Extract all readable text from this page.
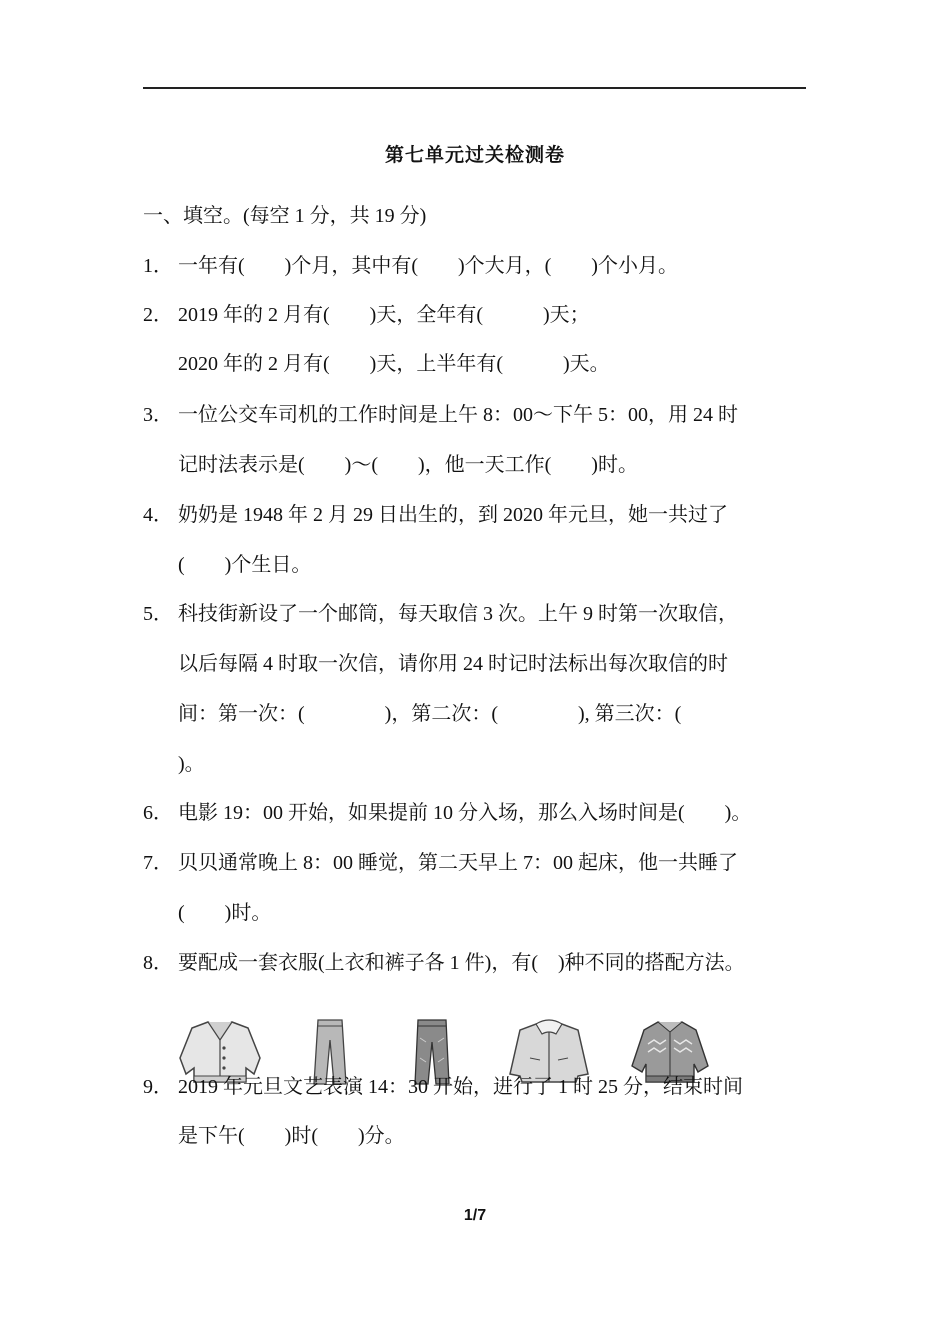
第七单元过关检测卷
一、填空。(每空 1 分，共 19 分)
1． 一年有(　　)个月，其中有(　　)个大月，(　　)个小月。
2． 2019 年的 2 月有(　　)天，全年有(　　　)天；
2020 年的 2 月有(　　)天，上半年有(　　　)天。
3． 一位公交车司机的工作时间是上午 8：00～下午 5：00，用 24 时
记时法表示是(　　)～(　　)，他一天工作(　　)时。
4． 奶奶是 1948 年 2 月 29 日出生的，到 2020 年元旦，她一共过了
(　　)个生日。
5． 科技街新设了一个邮筒，每天取信 3 次。上午 9 时第一次取信，
以后每隔 4 时取一次信，请你用 24 时记时法标出每次取信的时
间：第一次：(　　　　)，第二次：(　　　　), 第三次：(
)。
6． 电影 19：00 开始，如果提前 10 分入场，那么入场时间是(　　)。
7． 贝贝通常晚上 8：00 睡觉，第二天早上 7：00 起床，他一共睡了
(　　)时。
8． 要配成一套衣服(上衣和裤子各 1 件)，有(　)种不同的搭配方法。
9． 2019 年元旦文艺表演 14：30 开始，进行了 1 时 25 分，结束时间
是下午(　　)时(　　)分。
1/7
